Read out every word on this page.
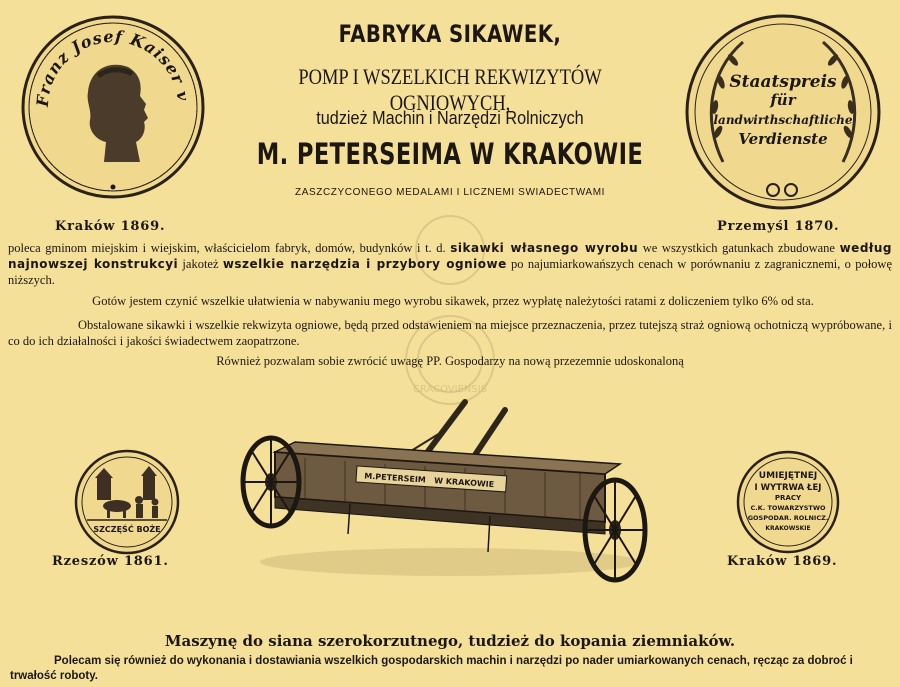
CRACOVIENSIS
FABRYKA SIKAWEK,
POMP I WSZELKICH REKWIZYTÓW OGNIOWYCH,
tudzież Machin i Narzędzi Rolniczych
M. PETERSEIMA W KRAKOWIE
ZASZCZYCONEGO MEDALAMI I LICZNEMI SWIADECTWAMI
Franz Josef Kaiser v
Kraków 1869.
Staatspreis
für
landwirthschaftliche
Verdienste
Przemyśl 1870.
poleca gminom miejskim i wiejskim, właścicielom fabryk, domów, budynków i t. d. sikawki własnego wyrobu we wszystkich gatunkach zbudowane według najnowszej konstrukcyi jakoteż wszelkie narzędzia i przybory ogniowe po najumiarkowańszych cenach w porównaniu z zagranicznemi, o połowę niższych.
Gotów jestem czynić wszelkie ułatwienia w nabywaniu mego wyrobu sikawek, przez wypłatę należytości ratami z doliczeniem tylko 6% od sta.
Obstalowane sikawki i wszelkie rekwizyta ogniowe, będą przed odstawieniem na miejsce przeznaczenia, przez tutejszą straż ogniową ochotniczą wypróbowane, i co do ich działalności i jakości świadectwem zaopatrzone.
Również pozwalam sobie zwrócić uwagę PP. Gospodarzy na nową przezemnie udoskonaloną
SZCZĘŚĆ BOŻE
Rzeszów 1861.
UMIEJĘTNEJ
I WYTRWA ŁEJ
PRACY
C.K. TOWARZYSTWO
GOSPODAR. ROLNICZ.
KRAKOWSKIE
Kraków 1869.
M.PETERSEIM W KRAKOWIE
Maszynę do siana szerokorzutnego, tudzież do kopania ziemniaków.
Polecam się również do wykonania i dostawiania wszelkich gospodarskich machin i narzędzi po nader umiarkowanych cenach, ręcząc za dobroć i trwałość roboty.
